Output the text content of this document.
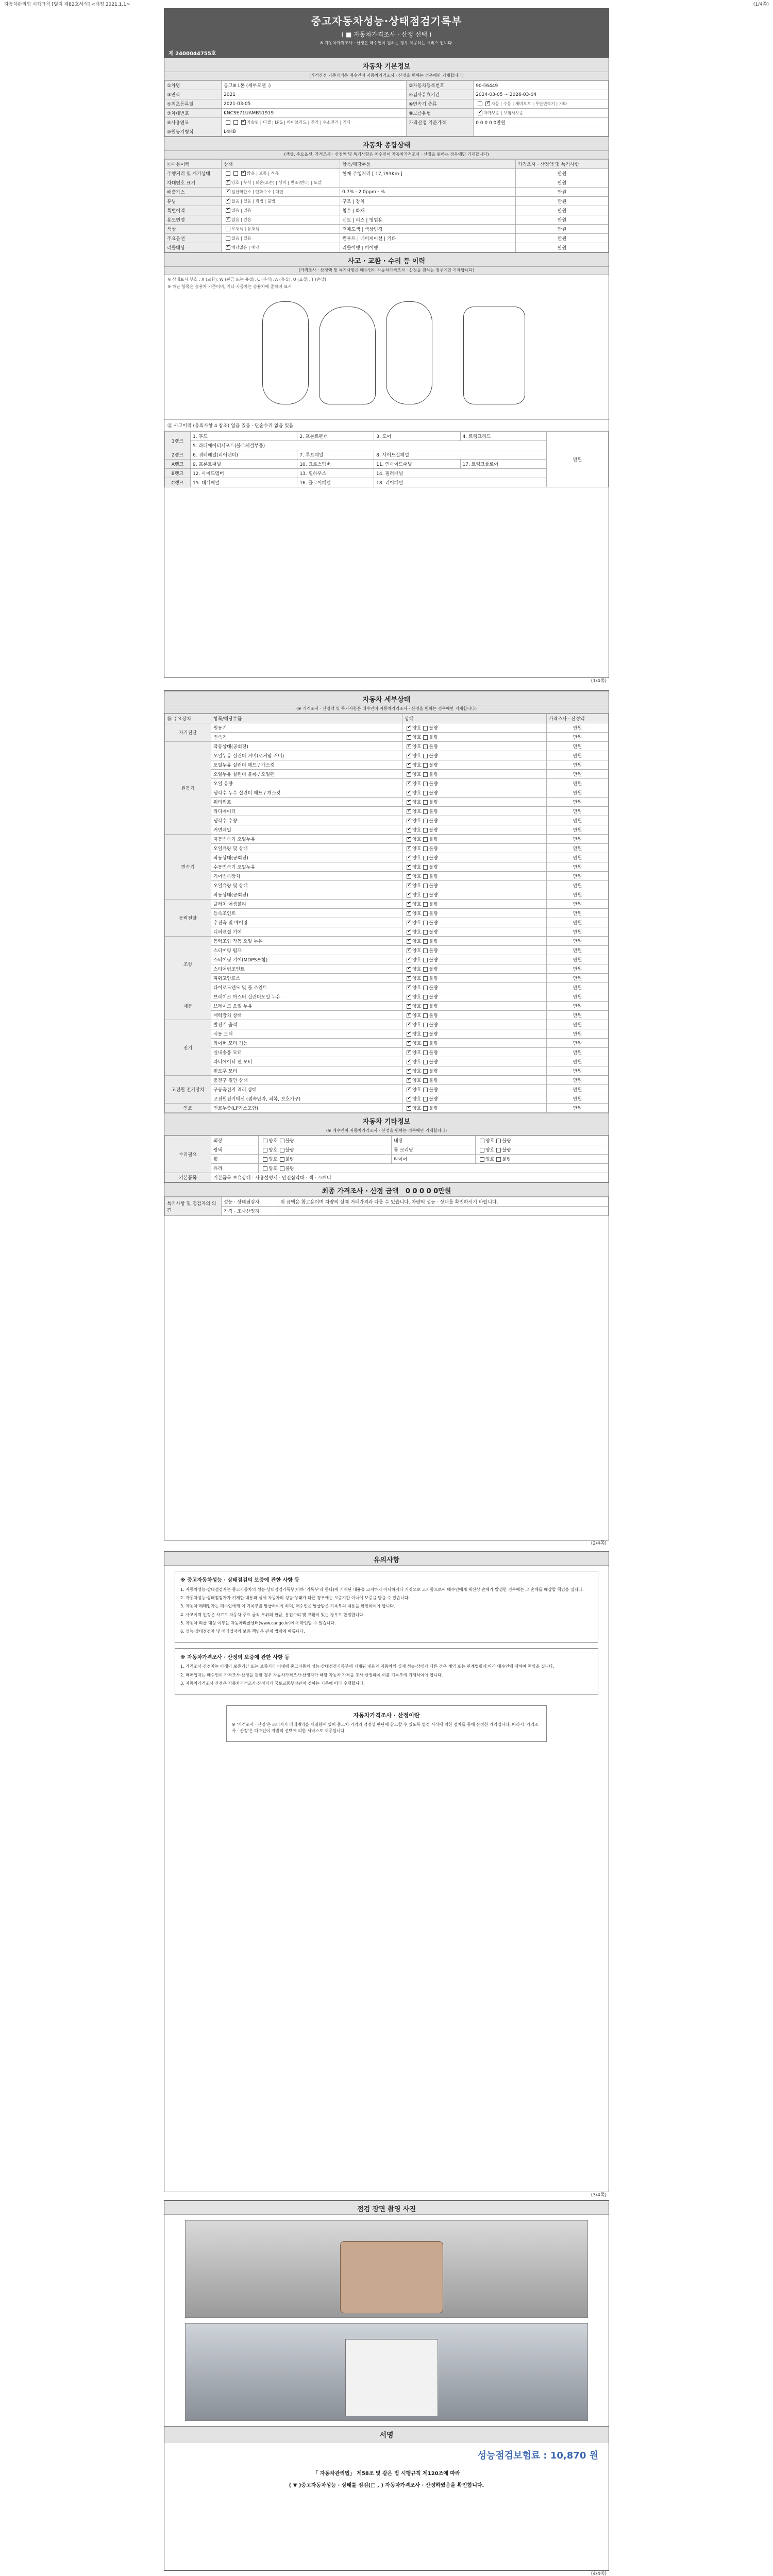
자동차관리법 시행규칙 [별지 제82호서식] <개정 2021.1.1>	(1/4쪽)
중고자동차성능·상태점검기록부
( ■ 자동차가격조사 · 산정 선택 )
※ 자동차가격조사 · 산정은 매수인이 원하는 경우 제공하는 서비스 입니다.
제 2400044755호
자동차 기본정보
(가격산정 기준가격은 매수인이 자동차가격조사 · 산정을 원하는 경우에만 기재합니다)
①차명	봉고Ⅲ 1톤 (세부모델 :)	②자동차등록번호	90사6449
③연식	2021	④검사유효기간	2024-03-05 ~ 2026-03-04
⑤최초등록일	2021-03-05	⑥변속기 종류	✓자동 | 수동 | 세미오토 | 무단변속기 | 기타
⑦차대번호	KNCSE71UAMB51919	⑧보증유형	✓자가보증 | 보험사보증
⑨사용연료	✓가솔린 | 디젤 | LPG | 하이브리드 | 전기 | 수소전기 | 기타	가격산정 기준가격	0 0 0 0 0만원
⑩원동기형식	L4HB		
자동차 종합상태
(색상, 주요옵션, 가격조사 · 산정액 및 특기사항은 매수인이 자동차가격조사 · 산정을 원하는 경우에만 기재합니다)
⑪사용이력	상태	항목/해당부품	가격조사 · 산정액 및 특기사항
주행거리 및 계기상태	✓많음 | 보통 | 적음	현재 주행거리 [ 17,193Km ]	만원
차대번호 표기	✓양호 | 부식 | 훼손(오손) | 상이 | 변조(변타) | 도말		만원
배출가스	✓일산화탄소 | 탄화수소 | 매연	0.7% · 2.0ppm · %	만원
튜닝	✓없음 | 있음 | 적법 | 불법	구조 | 장치	만원
특별이력	✓없음 | 있음	침수 | 화재	만원
용도변경	✓없음 | 있음	렌트 | 리스 | 영업용	만원
색상	무채색 | 유채색	전체도색 | 색상변경	만원
주요옵션	없음 | 있음	썬루프 | 네비게이션 | 기타	만원
리콜대상	✓해당없음 | 해당	리콜이행 | 미이행	만원
사고 · 교환 · 수리 등 이력
(가격조사 · 산정액 및 특기사항은 매수인이 자동차가격조사 · 산정을 원하는 경우에만 기재합니다)
※ 상태표시 부호 : X (교환), W (판금 또는 용접), C (부식), A (흠집), U (요철), T (손상)
※ 하단 항목은 승용차 기준이며, 기타 자동차는 승용차에 준하여 표시
⑫ 사고이력 (유의사항 4 참조) 없음 있음 · 단순수리 없음 있음
1랭크	1. 후드	2. 프론트펜더	3. 도어	4. 트렁크리드	만원
	5. 라디에이터서포트(볼트체결부품)				
2랭크	6. 쿼터패널(리어펜더)	7. 루프패널	8. 사이드실패널		
A랭크	9. 프론트패널	10. 크로스멤버	11. 인사이드패널	17. 트렁크플로어	
B랭크	12. 사이드멤버	13. 휠하우스	14. 필러패널		
C랭크	15. 대쉬패널	16. 플로어패널	18. 리어패널		
(1/4쪽)
자동차 세부상태
(※ 가격조사 · 산정액 및 특기사항은 매수인이 자동차가격조사 · 산정을 원하는 경우에만 기재합니다)
⑯ 주요장치	항목/해당부품	상태	가격조사 · 산정액
자기진단	원동기	✓양호 불량	만원
	변속기	✓양호 불량	만원
원동기	작동상태(공회전)	✓양호 불량	만원
	오일누유 실린더 커버(로커암 커버)	✓양호 불량	만원
	오일누유 실린더 헤드 / 개스킷	✓양호 불량	만원
	오일누유 실린더 블록 / 오일팬	✓양호 불량	만원
	오일 유량	✓양호 불량	만원
	냉각수 누수 실린더 헤드 / 개스킷	✓양호 불량	만원
	워터펌프	✓양호 불량	만원
	라디에이터	✓양호 불량	만원
	냉각수 수량	✓양호 불량	만원
	커먼레일	✓양호 불량	만원
변속기	자동변속기 오일누유	✓양호 불량	만원
	오일유량 및 상태	✓양호 불량	만원
	작동상태(공회전)	✓양호 불량	만원
	수동변속기 오일누유	✓양호 불량	만원
	기어변속장치	✓양호 불량	만원
	오일유량 및 상태	✓양호 불량	만원
	작동상태(공회전)	✓양호 불량	만원
동력전달	클러치 어셈블리	✓양호 불량	만원
	등속조인트	✓양호 불량	만원
	추진축 및 베어링	✓양호 불량	만원
	디퍼렌셜 기어	✓양호 불량	만원
조향	동력조향 작동 오일 누유	✓양호 불량	만원
	스티어링 펌프	✓양호 불량	만원
	스티어링 기어(MDPS포함)	✓양호 불량	만원
	스티어링조인트	✓양호 불량	만원
	파워고압호스	✓양호 불량	만원
	타이로드엔드 및 볼 조인트	✓양호 불량	만원
제동	브레이크 마스터 실린더오일 누유	✓양호 불량	만원
	브레이크 오일 누유	✓양호 불량	만원
	배력장치 상태	✓양호 불량	만원
전기	발전기 출력	✓양호 불량	만원
	시동 모터	✓양호 불량	만원
	와이퍼 모터 기능	✓양호 불량	만원
	실내송풍 모터	✓양호 불량	만원
	라디에이터 팬 모터	✓양호 불량	만원
	윈도우 모터	✓양호 불량	만원
고전원 전기장치	충전구 절연 상태	✓양호 불량	만원
	구동축전지 격리 상태	✓양호 불량	만원
	고전원전기배선 (접속단자, 피복, 보호기구)	✓양호 불량	만원
연료	연료누출(LP가스포함)	✓양호 불량	만원
자동차 기타정보
(※ 매수인이 자동차가격조사 · 산정을 원하는 경우에만 기재합니다)
수리필요	외장	양호 불량	내장	양호 불량
	광택	양호 불량	룸 크리닝	양호 불량
	휠	양호 불량	타이어	양호 불량
	유리	양호 불량		
기본품목	기본품목 보유상태 : 사용설명서 · 안전삼각대 · 잭 · 스패너			
최종 가격조사 · 산정 금액 0 0 0 0 0만원
특기사항 및 점검자의 의견	성능 · 상태점검자	위 금액은 참고용이며 차량의 실제 거래가격과 다를 수 있습니다. 차량의 성능 · 상태를 확인하시기 바랍니다.
	가격 · 조사산정자	
(2/4쪽)
유의사항

※ 중고자동차성능 · 상태점검의 보증에 관한 사항 등

1. 자동차성능·상태점검자는 중고자동차의 성능·상태점검기록부(이하 '기록부'라 한다)에 기재된 내용을 고지하지 아니하거나 거짓으로 고지함으로써 매수인에게 재산상 손해가 발생한 경우에는 그 손해를 배상할 책임을 집니다.

2. 자동차성능·상태점검자가 기재한 내용과 실제 자동차의 성능·상태가 다른 경우에는 보증기간 이내에 보증을 받을 수 있습니다.

3. 자동차 매매업자는 매수인에게 이 기록부를 발급하여야 하며, 매수인은 발급받은 기록부의 내용을 확인하여야 합니다.

4. 사고이력 인정은 사고로 자동차 주요 골격 부위의 판금, 용접수리 및 교환이 있는 경우로 한정합니다.

5. 자동차 리콜 대상 여부는 자동차리콜센터(www.car.go.kr)에서 확인할 수 있습니다.

6. 성능·상태점검자 및 매매업자의 보증 책임은 관계 법령에 따릅니다.

※ 자동차가격조사 · 산정의 보증에 관한 사항 등

1. 가격조사·산정자는 아래의 보증기간 또는 보증거리 이내에 중고자동차 성능·상태점검기록부에 기재된 내용과 자동차의 실제 성능·상태가 다른 경우 계약 또는 관계법령에 따라 매수인에 대하여 책임을 집니다.

2. 매매업자는 매수인이 가격조사·산정을 원할 경우 자동차가격조사·산정자가 해당 자동차 가격을 조사·산정하여 이를 기록부에 기재하여야 합니다.

3. 자동차가격조사·산정은 자동차가격조사·산정자가 국토교통부장관이 정하는 기준에 따라 수행합니다.

자동차가격조사 · 산정이란

※ '가격조사 · 산정'은 소비자가 매매계약을 체결함에 있어 중고차 가격의 적정성 판단에 참고할 수 있도록 법정 서식에 의한 절차를 통해 산정한 가격입니다. 따라서 '가격조사 · 산정'은 매수인이 자발적 선택에 의한 서비스로 제공됩니다.

(3/4쪽)
점검 장면 촬영 사진
서명
성능점검보험료 : 10,870 원
「 자동차관리법」 제58조 및 같은 법 시행규칙 제120조에 따라
( ▼ )중고자동차성능 · 상태를 점검(□ , ) 자동차가격조사 · 산정하였음을 확인합니다.
(4/4쪽)
